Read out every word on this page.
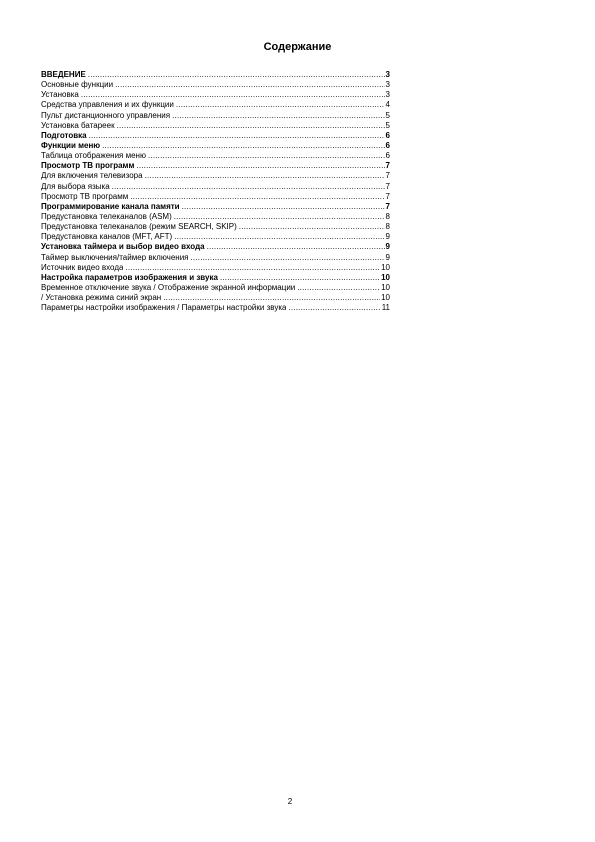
Содержание
ВВЕДЕНИЕ .....	3
Основные функции .....	3
Установка .....	3
Средства управления и их функции .....	4
Пульт дистанционного управления .....	5
Установка батареек .....	5
Подготовка .....	6
Функции меню .....	6
Таблица отображения меню .....	6
Просмотр ТВ программ .....	7
Для включения телевизора .....	7
Для выбора языка .....	7
Просмотр ТВ программ .....	7
Программирование канала памяти .....	7
Предустановка телеканалов (ASM) .....	8
Предустановка телеканалов (режим SEARCH, SKIP) .....	8
Предустановка каналов (MFT, AFT) .....	9
Установка таймера и выбор видео входа .....	9
Таймер выключения/таймер включения .....	9
Источник видео входа .....	10
Настройка параметров изображения и звука .....	10
Временное отключение звука / Отображение экранной информации .....	10
/ Установка режима синий экран .....	10
Параметры настройки изображения / Параметры настройки звука .....	11
2
